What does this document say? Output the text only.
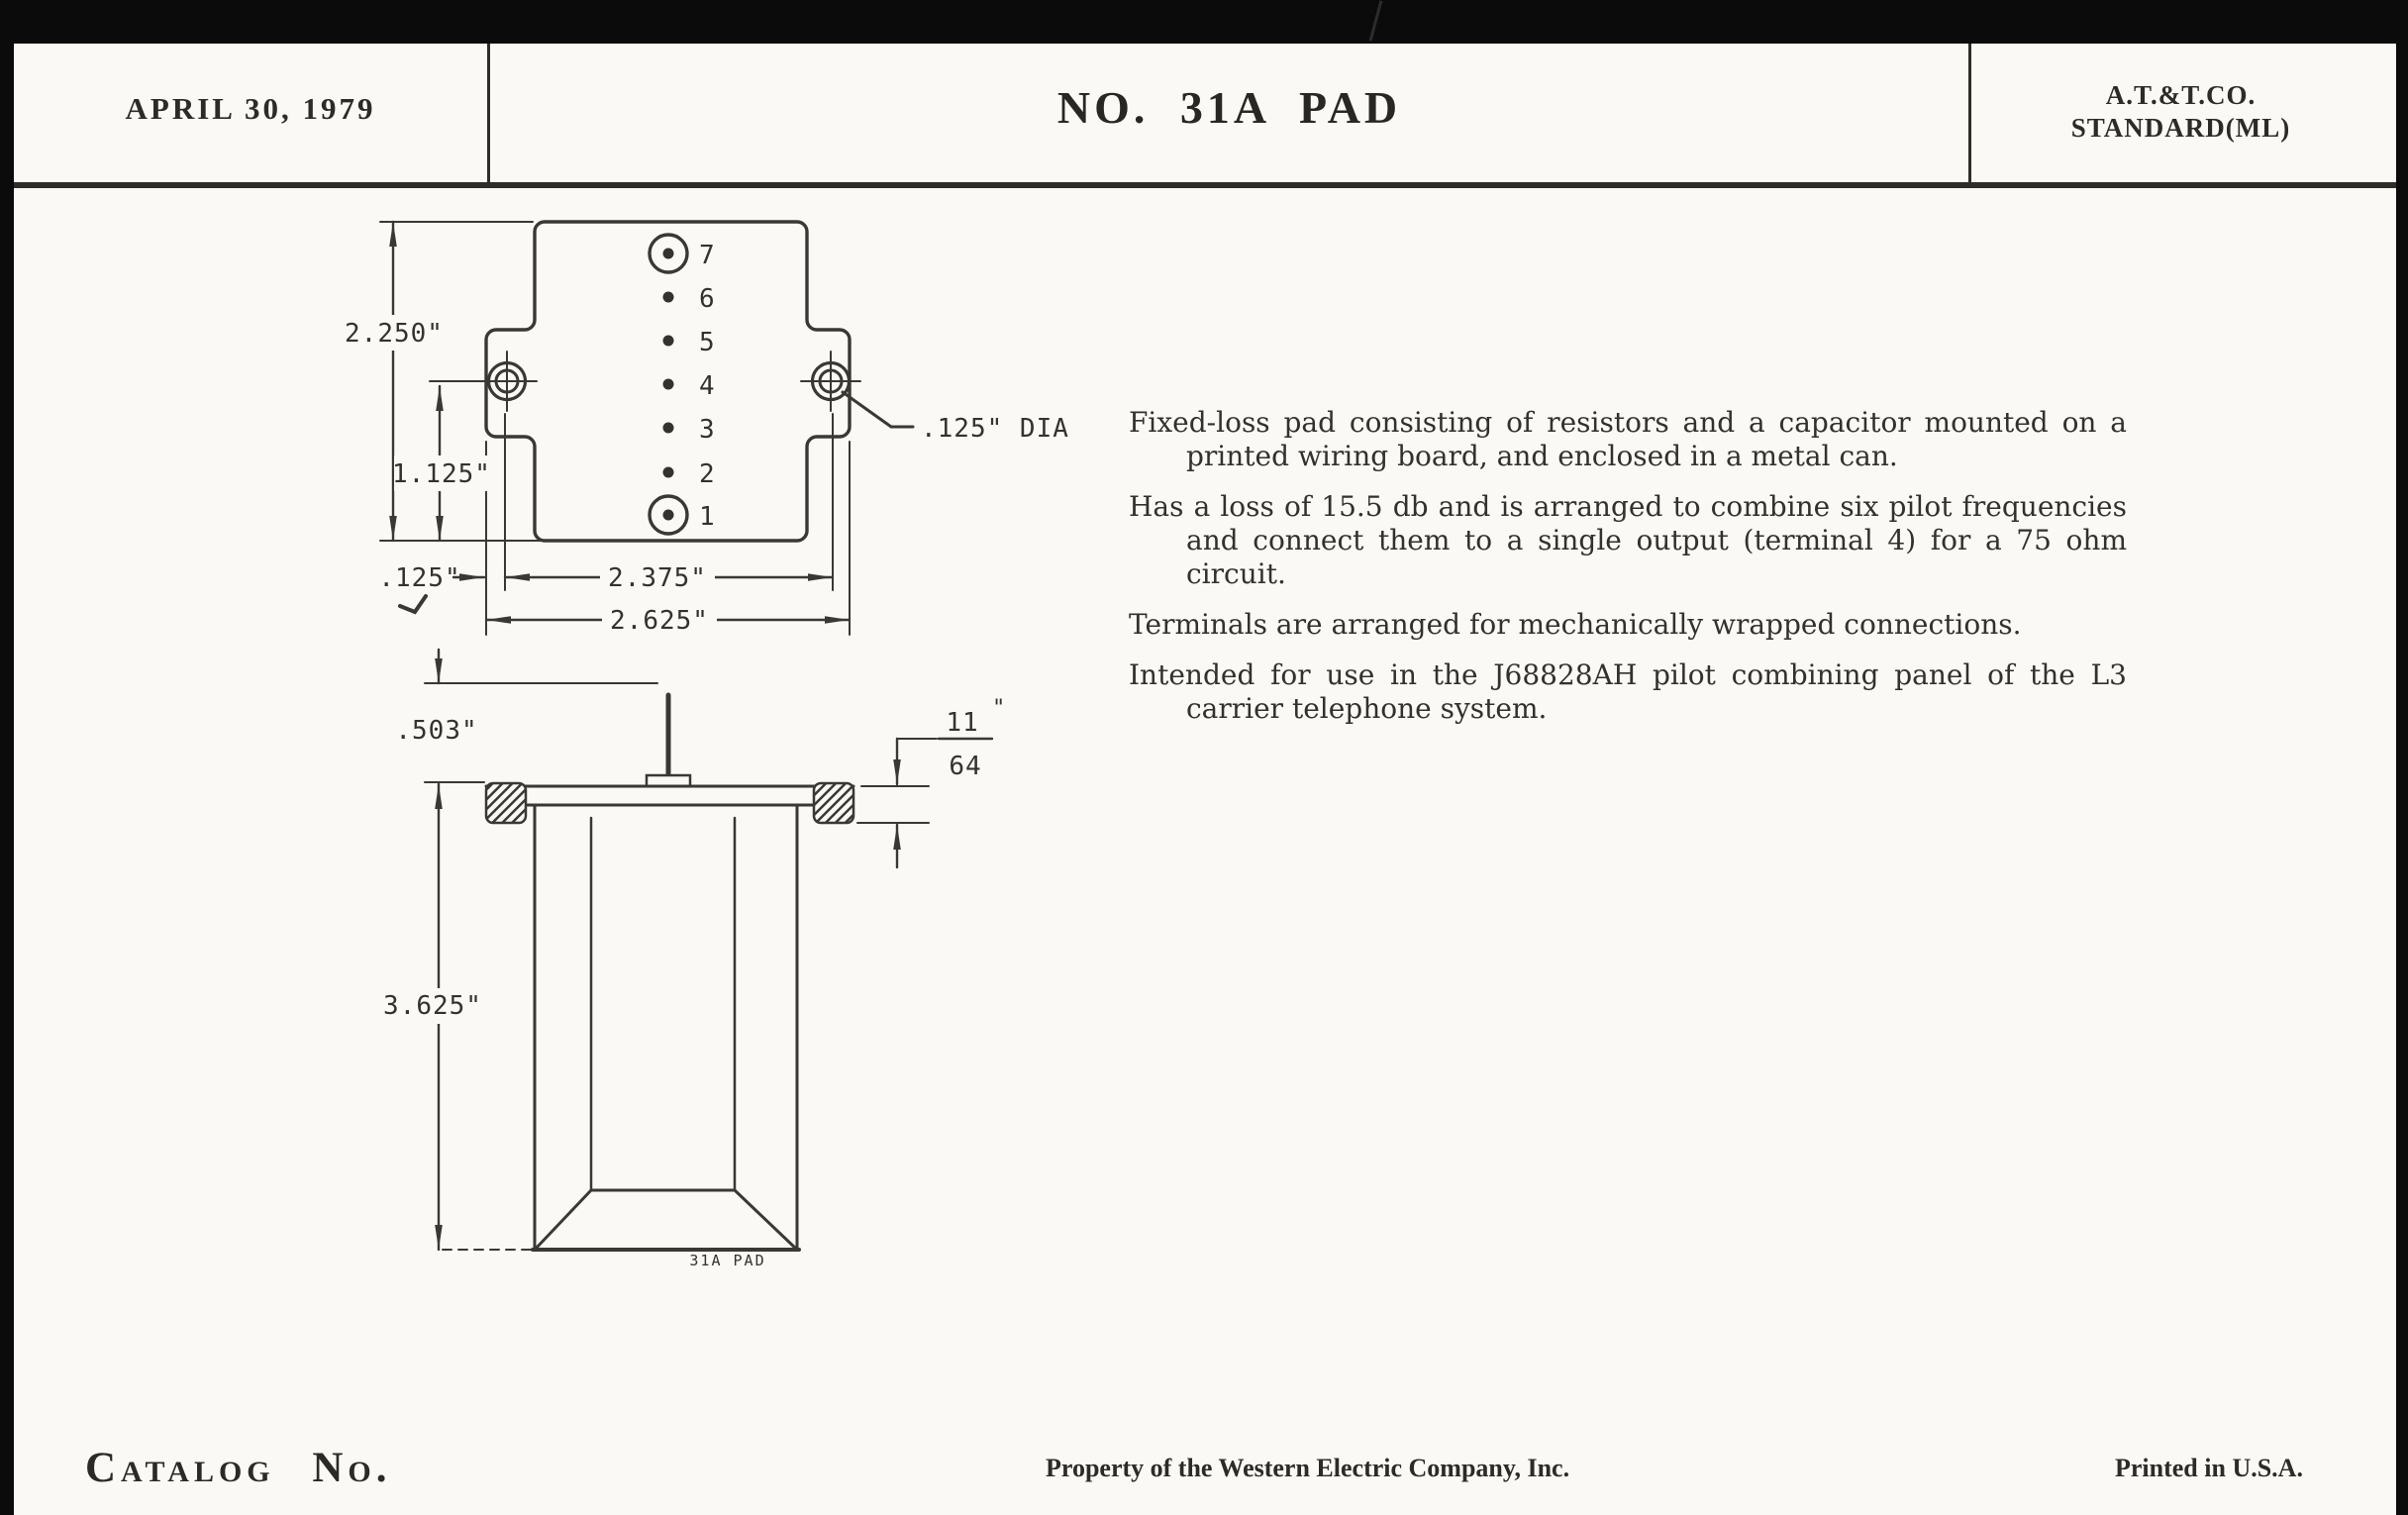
APRIL 30, 1979	NO. 31A PAD	A.T.&T.CO.
STANDARD(ML)

Fixed-loss pad consisting of resistors and a capacitor mounted on a printed wiring board, and enclosed in a metal can.

Has a loss of 15.5 db and is arranged to combine six pilot frequencies and connect them to a single output (terminal 4) for a 75 ohm circuit.

Terminals are arranged for mechanically wrapped connections.

Intended for use in the J68828AH pilot combining panel of the L3 carrier telephone system.

7
6
5
4
3
2
1
2.250"
1.125"
.125"	2.375"
2.625"
.125" DIA
.503"	11 "
64
3.625"
31A PAD
Catalog No.	Property of the Western Electric Company, Inc.	Printed in U.S.A.
